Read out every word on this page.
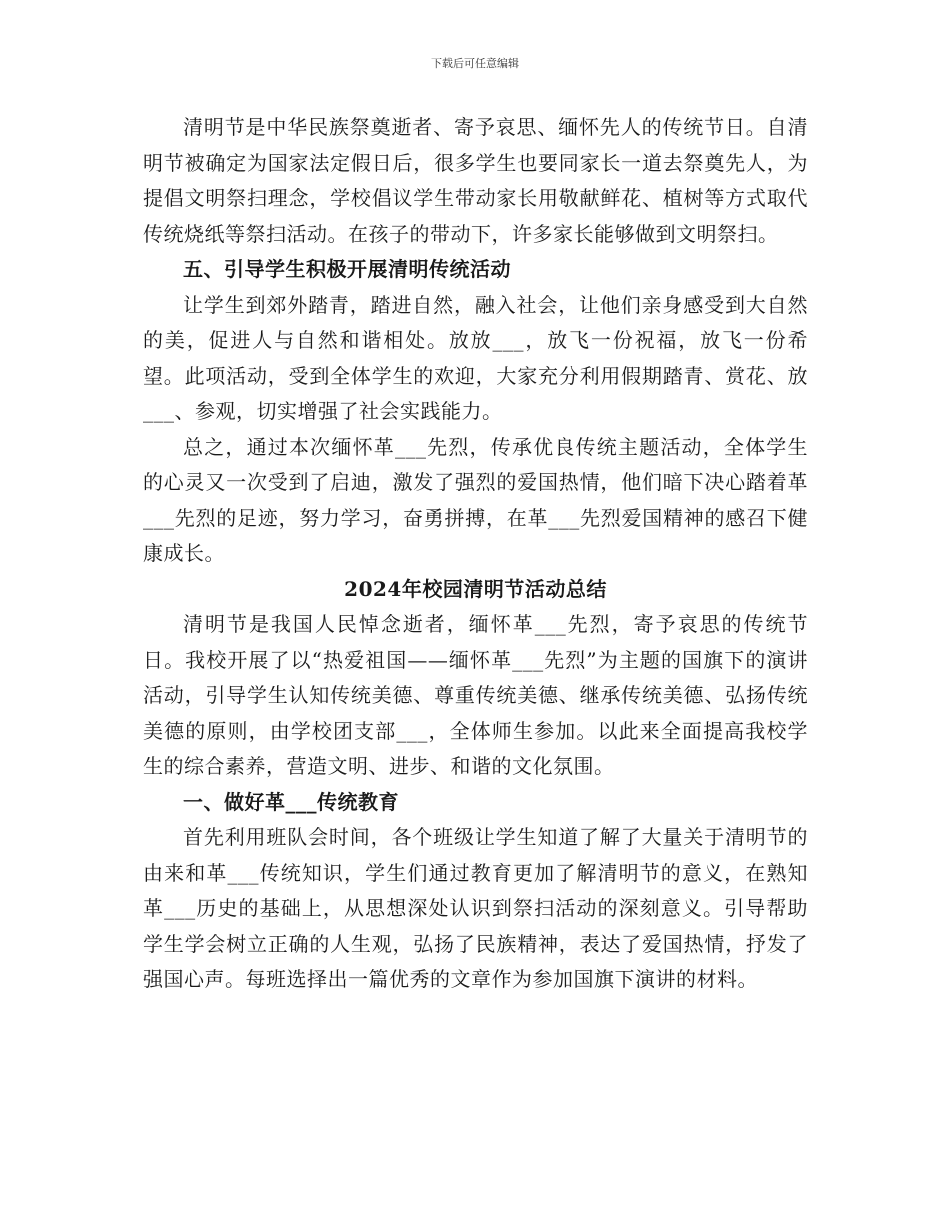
下载后可任意编辑

清明节是中华民族祭奠逝者、寄予哀思、缅怀先人的传统节日。自清明节被确定为国家法定假日后，很多学生也要同家长一道去祭奠先人，为提倡文明祭扫理念，学校倡议学生带动家长用敬献鲜花、植树等方式取代传统烧纸等祭扫活动。在孩子的带动下，许多家长能够做到文明祭扫。

五、引导学生积极开展清明传统活动

让学生到郊外踏青，踏进自然，融入社会，让他们亲身感受到大自然的美，促进人与自然和谐相处。放放___，放飞一份祝福，放飞一份希望。此项活动，受到全体学生的欢迎，大家充分利用假期踏青、赏花、放___、参观，切实增强了社会实践能力。

总之，通过本次缅怀革___先烈，传承优良传统主题活动，全体学生的心灵又一次受到了启迪，激发了强烈的爱国热情，他们暗下决心踏着革___先烈的足迹，努力学习，奋勇拼搏，在革___先烈爱国精神的感召下健康成长。

2024年校园清明节活动总结

清明节是我国人民悼念逝者，缅怀革___先烈，寄予哀思的传统节日。我校开展了以“热爱祖国——缅怀革___先烈”为主题的国旗下的演讲活动，引导学生认知传统美德、尊重传统美德、继承传统美德、弘扬传统美德的原则，由学校团支部___，全体师生参加。以此来全面提高我校学生的综合素养，营造文明、进步、和谐的文化氛围。

一、做好革___传统教育

首先利用班队会时间，各个班级让学生知道了解了大量关于清明节的由来和革___传统知识，学生们通过教育更加了解清明节的意义，在熟知革___历史的基础上，从思想深处认识到祭扫活动的深刻意义。引导帮助学生学会树立正确的人生观，弘扬了民族精神，表达了爱国热情，抒发了强国心声。每班选择出一篇优秀的文章作为参加国旗下演讲的材料。
